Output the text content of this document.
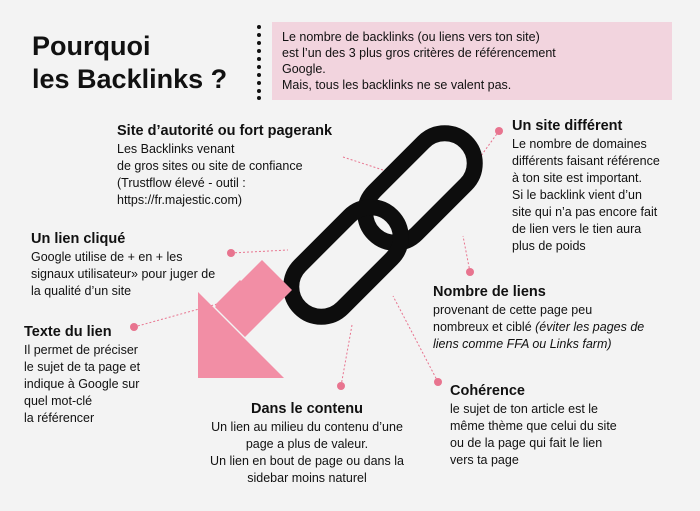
Pourquoi
les Backlinks ?
Le nombre de backlinks (ou liens vers ton site)
est l’un des 3 plus gros critères de référencement
Google.
Mais, tous les backlinks ne se valent pas.
Site d’autorité ou fort pagerank
Les Backlinks venant
de gros sites ou site de confiance
(Trustflow élevé - outil :
https://fr.majestic.com)
Un site différent
Le nombre de domaines
différents faisant référence
à ton site est important.
Si le backlink vient d’un
site qui n’a pas encore fait
de lien vers le tien aura
plus de poids
Un lien cliqué
Google utilise de + en + les
signaux utilisateur» pour juger de
la qualité d’un site	Nombre de liens
provenant de cette page peu
nombreux et ciblé (éviter les pages de
liens comme FFA ou Links farm)
Texte du lien
Il permet de préciser
le sujet de ta page et
indique à Google sur
quel mot-clé
la référencer
Cohérence
le sujet de ton article est le
même thème que celui du site
ou de la page qui fait le lien
vers ta page
Dans le contenu
Un lien au milieu du contenu d’une
page a plus de valeur.
Un lien en bout de page ou dans la
sidebar moins naturel
